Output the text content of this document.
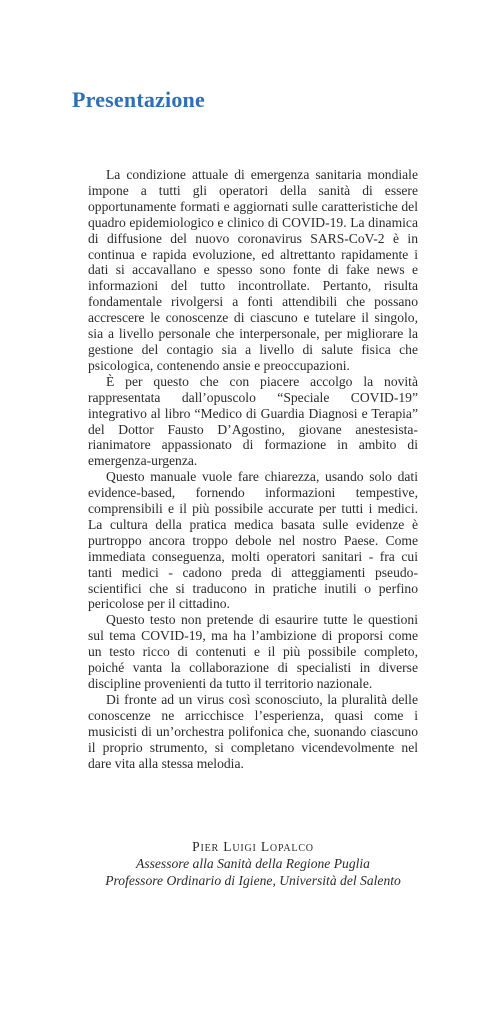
Presentazione

La condizione attuale di emergenza sanitaria mondiale impone a tutti gli operatori della sanità di essere opportunamente formati e aggiornati sulle caratteristiche del quadro epidemiologico e clinico di COVID-19. La dinamica di diffusione del nuovo coronavirus SARS-CoV-2 è in continua e rapida evoluzione, ed altrettanto rapidamente i dati si accavallano e spesso sono fonte di fake news e informazioni del tutto incontrollate. Pertanto, risulta fondamentale rivolgersi a fonti attendibili che possano accrescere le conoscenze di ciascuno e tutelare il singolo, sia a livello personale che interpersonale, per migliorare la gestione del contagio sia a livello di salute fisica che psicologica, contenendo ansie e preoccupazioni.

È per questo che con piacere accolgo la novità rappresentata dall’opuscolo “Speciale COVID-19” integrativo al libro “Medico di Guardia Diagnosi e Terapia” del Dottor Fausto D’Agostino, giovane anestesista-rianimatore appassionato di formazione in ambito di emergenza-urgenza.

Questo manuale vuole fare chiarezza, usando solo dati evidence-based, fornendo informazioni tempestive, comprensibili e il più possibile accurate per tutti i medici. La cultura della pratica medica basata sulle evidenze è purtroppo ancora troppo debole nel nostro Paese. Come immediata conseguenza, molti operatori sanitari - fra cui tanti medici - cadono preda di atteggiamenti pseudo-scientifici che si traducono in pratiche inutili o perfino pericolose per il cittadino.

Questo testo non pretende di esaurire tutte le questioni sul tema COVID-19, ma ha l’ambizione di proporsi come un testo ricco di contenuti e il più possibile completo, poiché vanta la collaborazione di specialisti in diverse discipline provenienti da tutto il territorio nazionale.

Di fronte ad un virus così sconosciuto, la pluralità delle conoscenze ne arricchisce l’esperienza, quasi come i musicisti di un’orchestra polifonica che, suonando ciascuno il proprio strumento, si completano vicendevolmente nel dare vita alla stessa melodia.

Pier Luigi Lopalco
Assessore alla Sanità della Regione Puglia
Professore Ordinario di Igiene, Università del Salento
